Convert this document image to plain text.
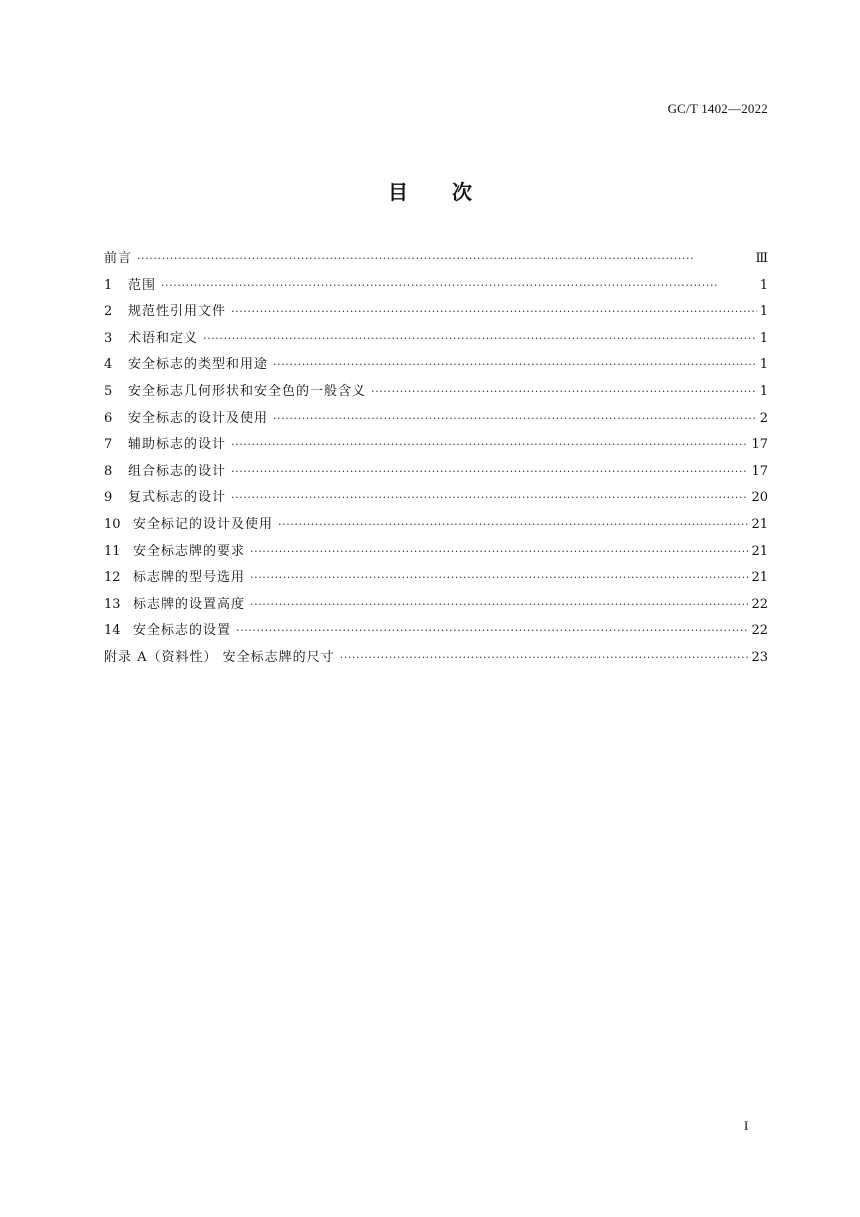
GC/T 1402—2022
目次
前言 ·····	Ⅲ
1	范围 ·····	1
2	规范性引用文件 ·····	1
3	术语和定义 ·····	1
4	安全标志的类型和用途 ·····	1
5	安全标志几何形状和安全色的一般含义 ·····	1
6	安全标志的设计及使用 ·····	2
7	辅助标志的设计 ·····	17
8	组合标志的设计 ·····	17
9	复式标志的设计 ·····	20
10 安全标记的设计及使用 ·····	21
11 安全标志牌的要求 ·····	21
12 标志牌的型号选用 ·····	21
13 标志牌的设置高度 ·····	22
14 安全标志的设置 ·····	22
附录 A（资料性） 安全标志牌的尺寸 ·····	23
I
